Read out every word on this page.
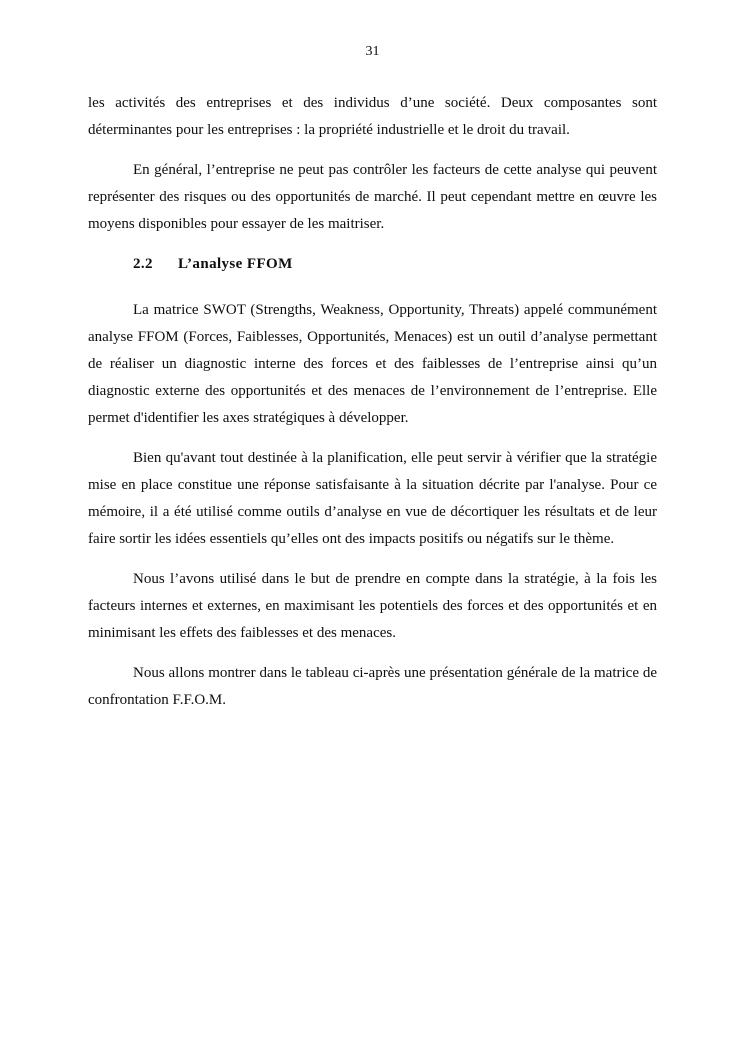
31

les activités des entreprises et des individus d’une société. Deux composantes sont déterminantes pour les entreprises : la propriété industrielle et le droit du travail.

En général, l’entreprise ne peut pas contrôler les facteurs de cette analyse qui peuvent représenter des risques ou des opportunités de marché. Il peut cependant mettre en œuvre les moyens disponibles pour essayer de les maitriser.

2.2 L’analyse FFOM

La matrice SWOT (Strengths, Weakness, Opportunity, Threats) appelé communément analyse FFOM (Forces, Faiblesses, Opportunités, Menaces) est un outil d’analyse permettant de réaliser un diagnostic interne des forces et des faiblesses de l’entreprise ainsi qu’un diagnostic externe des opportunités et des menaces de l’environnement de l’entreprise. Elle permet d'identifier les axes stratégiques à développer.

Bien qu'avant tout destinée à la planification, elle peut servir à vérifier que la stratégie mise en place constitue une réponse satisfaisante à la situation décrite par l'analyse. Pour ce mémoire, il a été utilisé comme outils d’analyse en vue de décortiquer les résultats et de leur faire sortir les idées essentiels qu’elles ont des impacts positifs ou négatifs sur le thème.

Nous l’avons utilisé dans le but de prendre en compte dans la stratégie, à la fois les facteurs internes et externes, en maximisant les potentiels des forces et des opportunités et en minimisant les effets des faiblesses et des menaces.

Nous allons montrer dans le tableau ci-après une présentation générale de la matrice de confrontation F.F.O.M.
